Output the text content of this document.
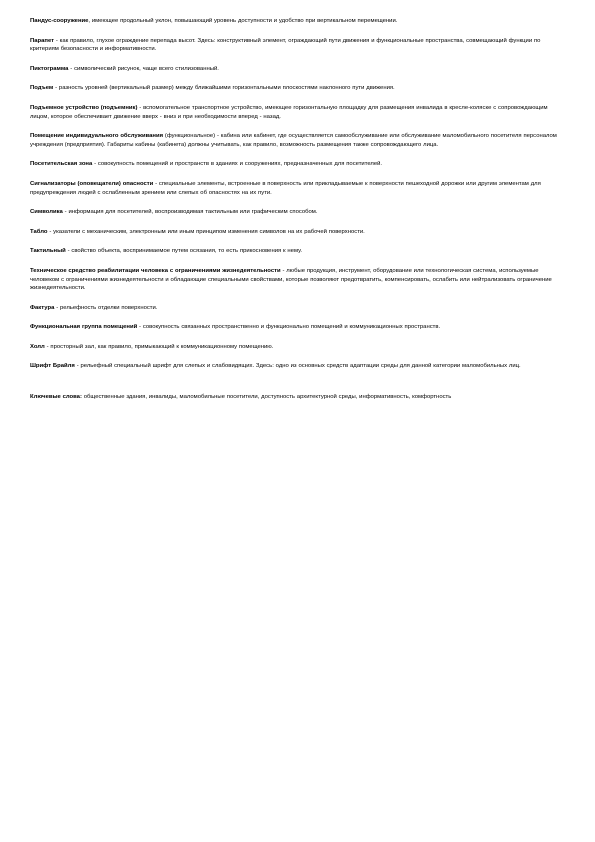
Пандус-сооружение, имеющее продольный уклон, повышающий уровень доступности и удобство при вертикальном перемещении.

Парапет - как правило, глухое ограждение перепада высот. Здесь: конструктивный элемент, ограждающий пути движения и функциональные пространства, совмещающий функции по критериям безопасности и информативности.

Пиктограмма - символический рисунок, чаще всего стилизованный.

Подъем - разность уровней (вертикальный размер) между ближайшими горизонтальными плоскостями наклонного пути движения.

Подъемное устройство (подъемник) - вспомогательное транспортное устройство, имеющее горизонтальную площадку для размещения инвалида в кресле-коляске с сопровождающим лицом, которое обеспечивает движение вверх - вниз и при необходимости вперед - назад.

Помещение индивидуального обслуживания (функциональное) - кабина или кабинет, где осуществляется самообслуживание или обслуживание маломобильного посетителя персоналом учреждения (предприятия). Габариты кабины (кабинета) должны учитывать, как правило, возможность размещения также сопровождающего лица.

Посетительская зона - совокупность помещений и пространств в зданиях и сооружениях, предназначенных для посетителей.

Сигнализаторы (оповещатели) опасности - специальные элементы, встроенные в поверхность или прикладываемые к поверхности пешеходной дорожки или другим элементам для предупреждения людей с ослабленным зрением или слепых об опасностях на их пути.

Символика - информация для посетителей, воспроизводимая тактильным или графическим способом.

Табло - указатели с механическим, электронным или иным принципом изменения символов на их рабочей поверхности.

Тактильный - свойство объекта, воспринимаемое путем осязания, то есть прикосновения к нему.

Техническое средство реабилитации человека с ограничениями жизнедеятельности - любые продукция, инструмент, оборудование или технологическая система, используемые человеком с ограничениями жизнедеятельности и обладающие специальными свойствами, которые позволяют предотвратить, компенсировать, ослабить или нейтрализовать ограничение жизнедеятельности.

Фактура - рельефность отделки поверхности.

Функциональная группа помещений - совокупность связанных пространственно и функционально помещений и коммуникационных пространств.

Холл - просторный зал, как правило, примыкающий к коммуникационному помещению.

Шрифт Брайля - рельефный специальный шрифт для слепых и слабовидящих. Здесь: одно из основных средств адаптации среды для данной категории маломобильных лиц.

Ключевые слова: общественные здания, инвалиды, маломобильные посетители, доступность архитектурной среды, информативность, комфортность
